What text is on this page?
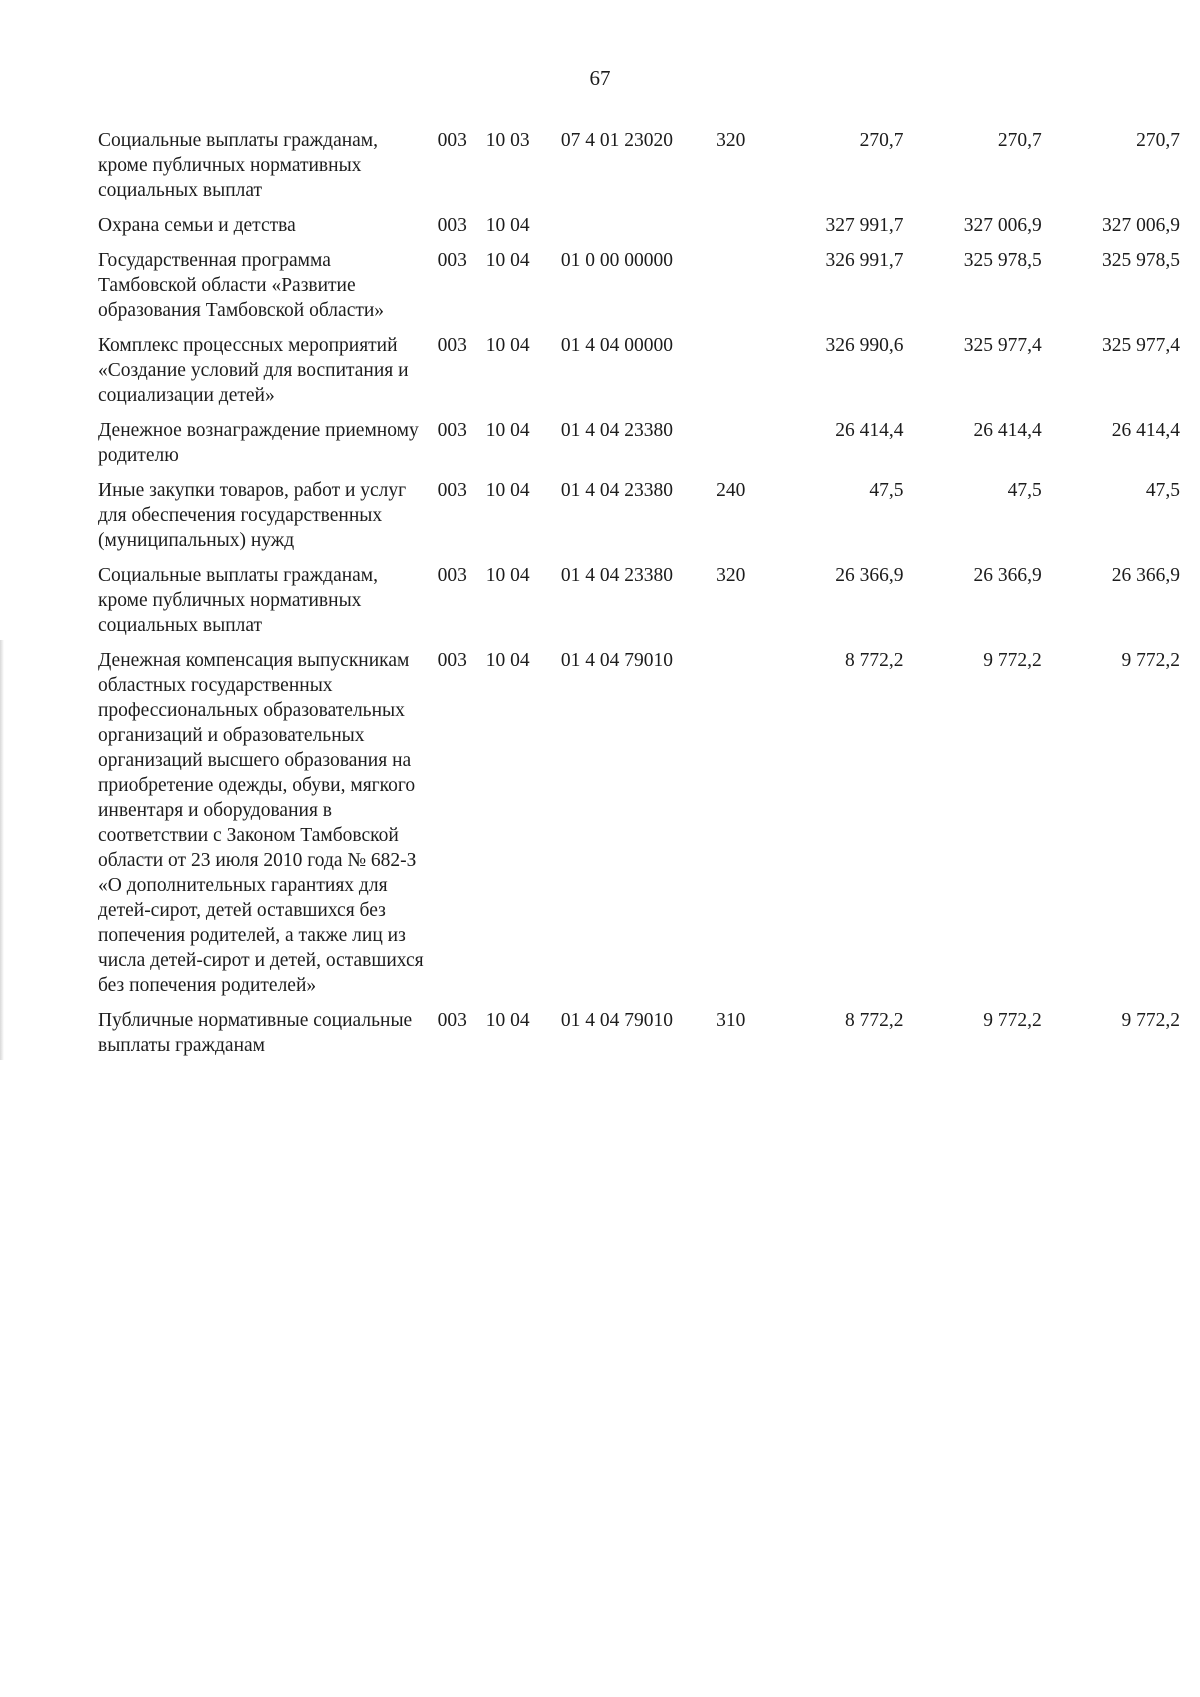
67
Социальные выплаты гражданам, кроме публичных нормативных социальных выплат	003	10 03	07 4 01 23020	320	270,7	270,7	270,7
Охрана семьи и детства	003	10 04			327 991,7	327 006,9	327 006,9
Государственная программа Тамбовской области «Развитие образования Тамбовской области»	003	10 04	01 0 00 00000		326 991,7	325 978,5	325 978,5
Комплекс процессных мероприятий «Создание условий для воспитания и социализации детей»	003	10 04	01 4 04 00000		326 990,6	325 977,4	325 977,4
Денежное вознаграждение приемному родителю	003	10 04	01 4 04 23380		26 414,4	26 414,4	26 414,4
Иные закупки товаров, работ и услуг для обеспечения государственных (муниципальных) нужд	003	10 04	01 4 04 23380	240	47,5	47,5	47,5
Социальные выплаты гражданам, кроме публичных нормативных социальных выплат	003	10 04	01 4 04 23380	320	26 366,9	26 366,9	26 366,9
Денежная компенсация выпускникам областных государственных профессиональных образовательных организаций и образовательных организаций высшего образования на приобретение одежды, обуви, мягкого инвентаря и оборудования в соответствии с Законом Тамбовской области от 23 июля 2010 года № 682-З «О дополнительных гарантиях для детей-сирот, детей оставшихся без попечения родителей, а также лиц из числа детей-сирот и детей, оставшихся без попечения родителей»	003	10 04	01 4 04 79010		8 772,2	9 772,2	9 772,2
Публичные нормативные социальные выплаты гражданам	003	10 04	01 4 04 79010	310	8 772,2	9 772,2	9 772,2
